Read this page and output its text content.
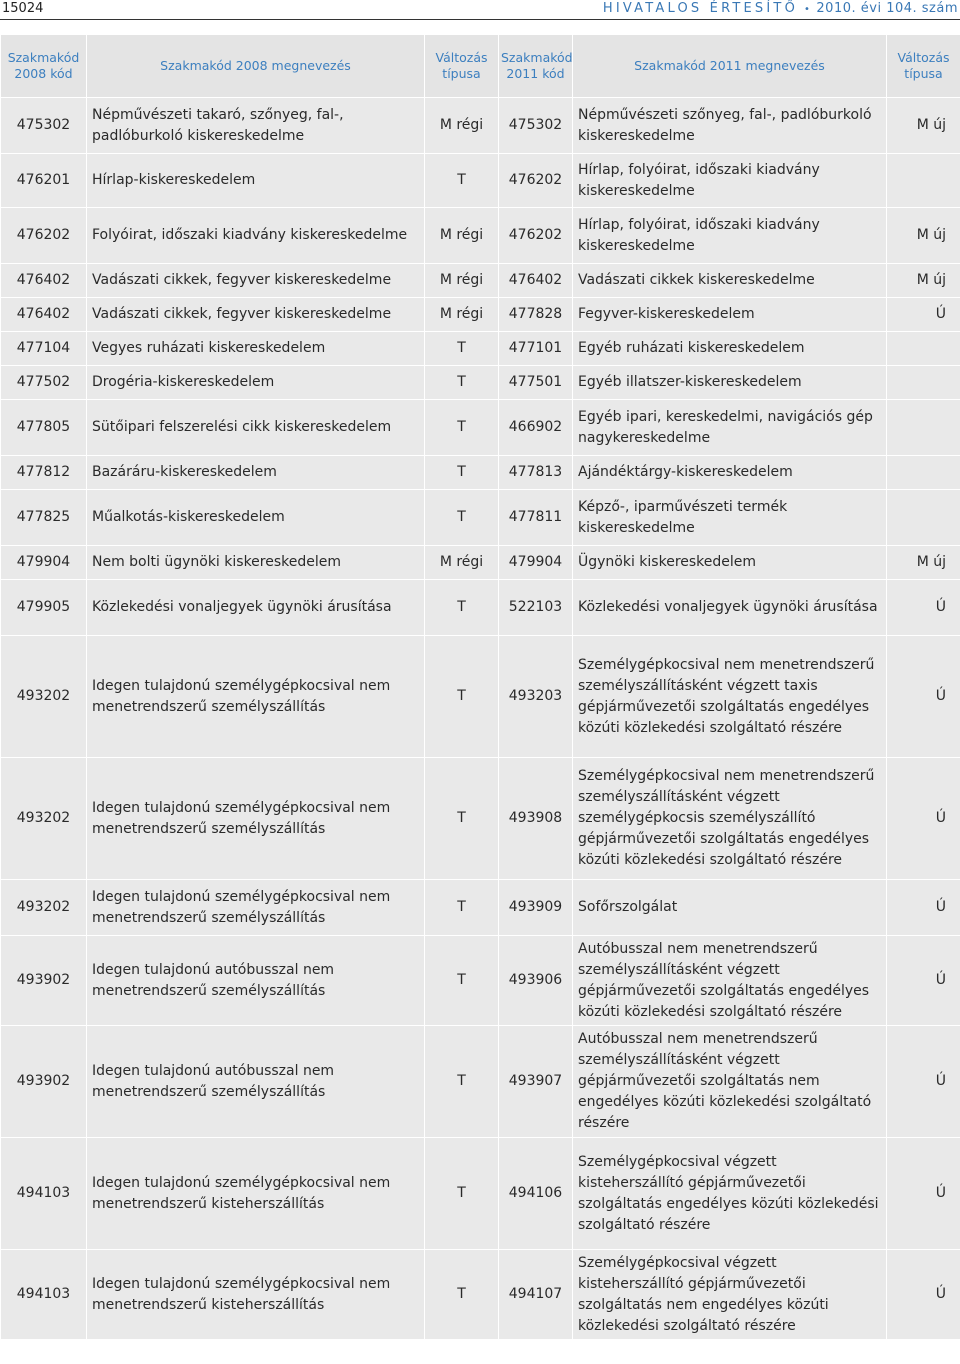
15024	HIVATALOS ÉRTESÍTŐ • 2010. évi 104. szám
Szakmakód 2008 kód	Szakmakód 2008 megnevezés	Változás típusa	Szakmakód 2011 kód	Szakmakód 2011 megnevezés	Változás típusa
475302	Népművészeti takaró, szőnyeg, fal-, padlóburkoló kiskereskedelme	M régi	475302	Népművészeti szőnyeg, fal-, padlóburkoló kiskereskedelme	M új
476201	Hírlap-kiskereskedelem	T	476202	Hírlap, folyóirat, időszaki kiadvány kiskereskedelme	
476202	Folyóirat, időszaki kiadvány kiskereskedelme	M régi	476202	Hírlap, folyóirat, időszaki kiadvány kiskereskedelme	M új
476402	Vadászati cikkek, fegyver kiskereskedelme	M régi	476402	Vadászati cikkek kiskereskedelme	M új
476402	Vadászati cikkek, fegyver kiskereskedelme	M régi	477828	Fegyver-kiskereskedelem	Ú
477104	Vegyes ruházati kiskereskedelem	T	477101	Egyéb ruházati kiskereskedelem	
477502	Drogéria-kiskereskedelem	T	477501	Egyéb illatszer-kiskereskedelem	
477805	Sütőipari felszerelési cikk kiskereskedelem	T	466902	Egyéb ipari, kereskedelmi, navigációs gép nagykereskedelme	
477812	Bazáráru-kiskereskedelem	T	477813	Ajándéktárgy-kiskereskedelem	
477825	Műalkotás-kiskereskedelem	T	477811	Képző-, iparművészeti termék kiskereskedelme	
479904	Nem bolti ügynöki kiskereskedelem	M régi	479904	Ügynöki kiskereskedelem	M új
479905	Közlekedési vonaljegyek ügynöki árusítása	T	522103	Közlekedési vonaljegyek ügynöki árusítása	Ú
493202	Idegen tulajdonú személygépkocsival nem menetrendszerű személyszállítás	T	493203	Személygépkocsival nem menetrendszerű személyszállításként végzett taxis gépjárművezetői szolgáltatás engedélyes közúti közlekedési szolgáltató részére	Ú
493202	Idegen tulajdonú személygépkocsival nem menetrendszerű személyszállítás	T	493908	Személygépkocsival nem menetrendszerű személyszállításként végzett személygépkocsis személyszállító gépjárművezetői szolgáltatás engedélyes közúti közlekedési szolgáltató részére	Ú
493202	Idegen tulajdonú személygépkocsival nem menetrendszerű személyszállítás	T	493909	Sofőrszolgálat	Ú
493902	Idegen tulajdonú autóbusszal nem menetrendszerű személyszállítás	T	493906	Autóbusszal nem menetrendszerű személyszállításként végzett gépjárművezetői szolgáltatás engedélyes közúti közlekedési szolgáltató részére	Ú
493902	Idegen tulajdonú autóbusszal nem menetrendszerű személyszállítás	T	493907	Autóbusszal nem menetrendszerű személyszállításként végzett gépjárművezetői szolgáltatás nem engedélyes közúti közlekedési szolgáltató részére	Ú
494103	Idegen tulajdonú személygépkocsival nem menetrendszerű kisteherszállítás	T	494106	Személygépkocsival végzett kisteherszállító gépjárművezetői szolgáltatás engedélyes közúti közlekedési szolgáltató részére	Ú
494103	Idegen tulajdonú személygépkocsival nem menetrendszerű kisteherszállítás	T	494107	Személygépkocsival végzett kisteherszállító gépjárművezetői szolgáltatás nem engedélyes közúti közlekedési szolgáltató részére	Ú
